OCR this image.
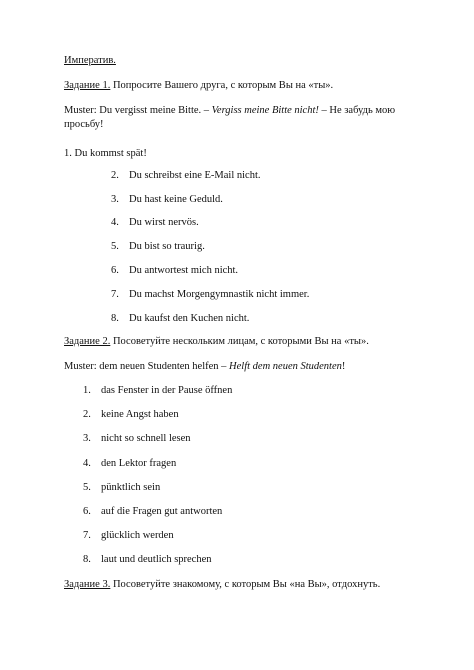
Императив.
Задание 1. Попросите Вашего друга, с которым Вы на «ты».
Muster: Du vergisst meine Bitte. – Vergiss meine Bitte nicht! – Не забудь мою просьбу!
1. Du kommst spät!
2. Du schreibst eine E-Mail nicht.
3. Du hast keine Geduld.
4. Du wirst nervös.
5. Du bist so traurig.
6. Du antwortest mich nicht.
7. Du machst Morgengymnastik nicht immer.
8. Du kaufst den Kuchen nicht.
Задание 2. Посоветуйте нескольким лицам, с которыми Вы на «ты».
Muster: dem neuen Studenten helfen – Helft dem neuen Studenten!
1. das Fenster in der Pause öffnen
2. keine Angst haben
3. nicht so schnell lesen
4. den Lektor fragen
5. pünktlich sein
6. auf die Fragen gut antworten
7. glücklich werden
8. laut und deutlich sprechen
Задание 3. Посоветуйте знакомому, с которым Вы «на Вы», отдохнуть.
